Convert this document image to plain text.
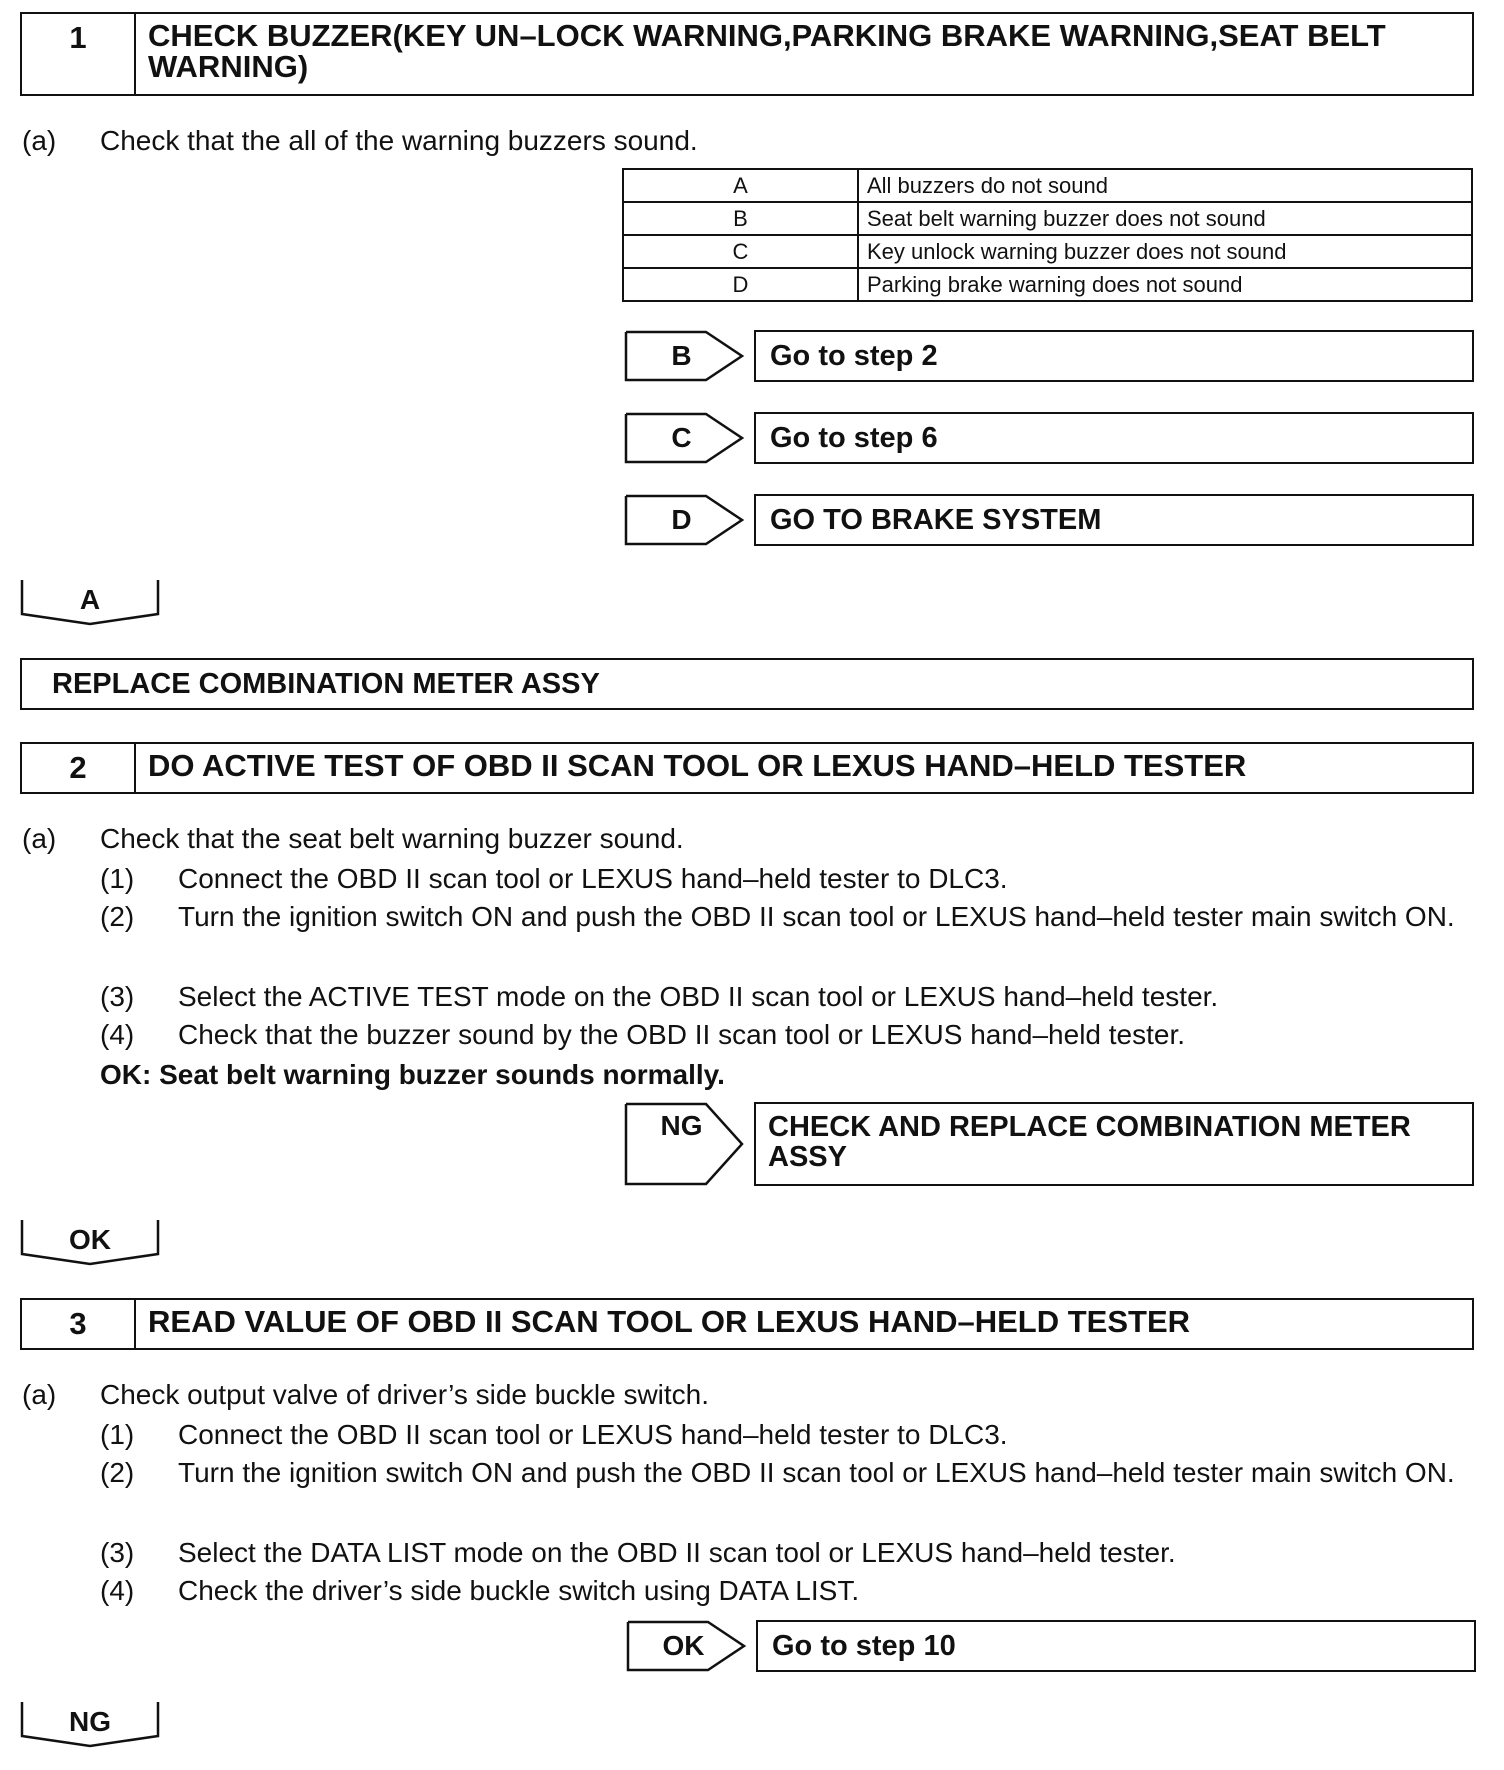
1	CHECK BUZZER(KEY UN–LOCK WARNING,PARKING BRAKE WARNING,SEAT BELT WARNING)
(a) Check that the all of the warning buzzers sound.
A	All buzzers do not sound
B	Seat belt warning buzzer does not sound
C	Key unlock warning buzzer does not sound
D	Parking brake warning does not sound
B	Go to step 2
C	Go to step 6
D	GO TO BRAKE SYSTEM
A
REPLACE COMBINATION METER ASSY
2	DO ACTIVE TEST OF OBD II SCAN TOOL OR LEXUS HAND–HELD TESTER
(a) Check that the seat belt warning buzzer sound.
(1) Connect the OBD II scan tool or LEXUS hand–held tester to DLC3.
(2) Turn the ignition switch ON and push the OBD II scan tool or LEXUS hand–held tester main switch ON.
(3) Select the ACTIVE TEST mode on the OBD II scan tool or LEXUS hand–held tester.
(4) Check that the buzzer sound by the OBD II scan tool or LEXUS hand–held tester.
OK: Seat belt warning buzzer sounds normally.
NG	CHECK AND REPLACE COMBINATION METER ASSY
OK
3	READ VALUE OF OBD II SCAN TOOL OR LEXUS HAND–HELD TESTER
(a) Check output valve of driver’s side buckle switch.
(1) Connect the OBD II scan tool or LEXUS hand–held tester to DLC3.
(2) Turn the ignition switch ON and push the OBD II scan tool or LEXUS hand–held tester main switch ON.
(3) Select the DATA LIST mode on the OBD II scan tool or LEXUS hand–held tester.
(4) Check the driver’s side buckle switch using DATA LIST.
OK	Go to step 10
NG
